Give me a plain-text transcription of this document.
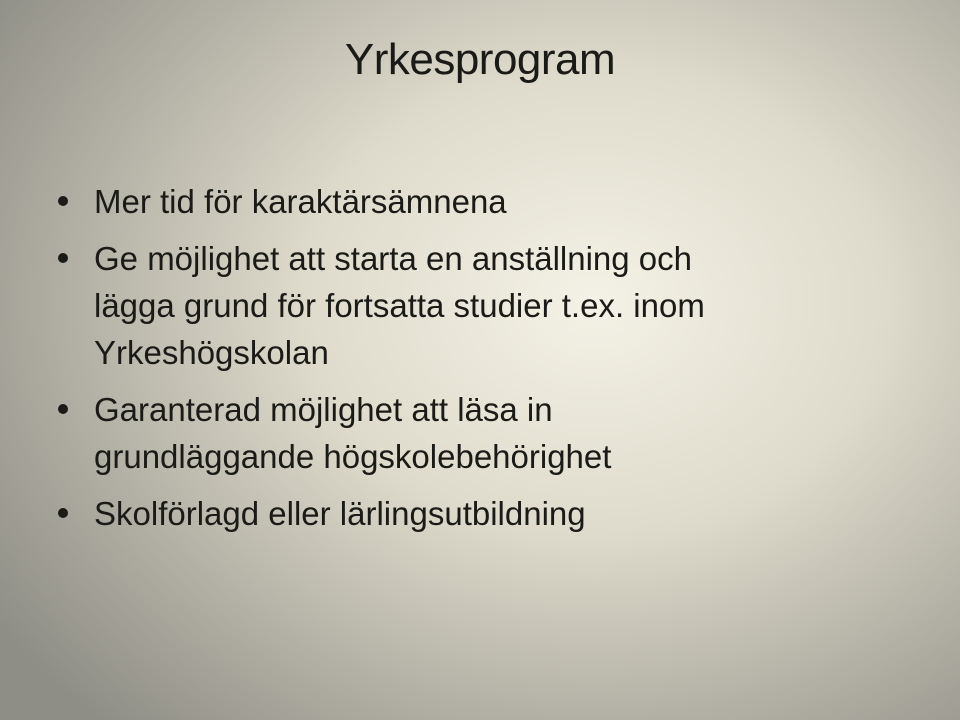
Yrkesprogram
Mer tid för karaktärsämnena
Ge möjlighet att starta en anställning och
lägga grund för fortsatta studier t.ex. inom
Yrkeshögskolan
Garanterad möjlighet att läsa in
grundläggande högskolebehörighet
Skolförlagd eller lärlingsutbildning
